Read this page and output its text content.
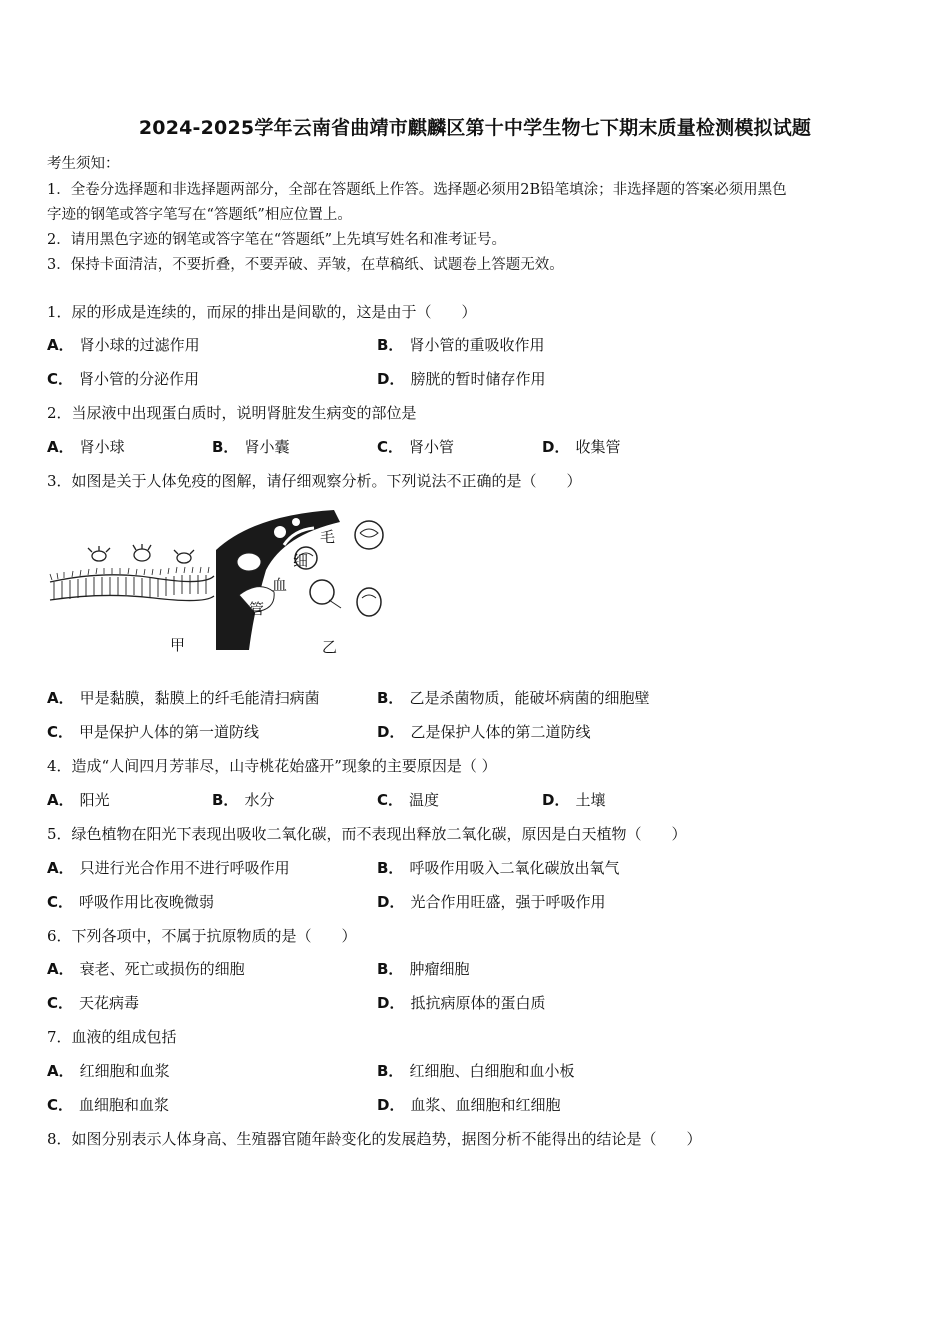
2024-2025学年云南省曲靖市麒麟区第十中学生物七下期末质量检测模拟试题
考生须知：
1．全卷分选择题和非选择题两部分，全部在答题纸上作答。选择题必须用2B铅笔填涂；非选择题的答案必须用黑色
字迹的钢笔或答字笔写在“答题纸”相应位置上。
2．请用黑色字迹的钢笔或答字笔在“答题纸”上先填写姓名和准考证号。
3．保持卡面清洁，不要折叠，不要弄破、弄皱，在草稿纸、试题卷上答题无效。
1．尿的形成是连续的，而尿的排出是间歇的，这是由于（　　）
A． 肾小球的过滤作用	B． 肾小管的重吸收作用
C． 肾小管的分泌作用	D． 膀胱的暂时储存作用
2．当尿液中出现蛋白质时，说明肾脏发生病变的部位是
A． 肾小球	B． 肾小囊	C． 肾小管	D． 收集管
3．如图是关于人体免疫的图解，请仔细观察分析。下列说法不正确的是（　　）
毛
细
血
管
甲	乙
A． 甲是黏膜，黏膜上的纤毛能清扫病菌	B． 乙是杀菌物质，能破坏病菌的细胞壁
C． 甲是保护人体的第一道防线	D． 乙是保护人体的第二道防线
4．造成“人间四月芳菲尽，山寺桃花始盛开”现象的主要原因是（ ）
A． 阳光	B． 水分	C． 温度	D． 土壤
5．绿色植物在阳光下表现出吸收二氧化碳，而不表现出释放二氧化碳，原因是白天植物（　　）
A． 只进行光合作用不进行呼吸作用	B． 呼吸作用吸入二氧化碳放出氧气
C． 呼吸作用比夜晚微弱	D． 光合作用旺盛，强于呼吸作用
6．下列各项中，不属于抗原物质的是（　　）
A． 衰老、死亡或损伤的细胞	B． 肿瘤细胞
C． 天花病毒	D． 抵抗病原体的蛋白质
7．血液的组成包括
A． 红细胞和血浆	B． 红细胞、白细胞和血小板
C． 血细胞和血浆	D． 血浆、血细胞和红细胞
8．如图分别表示人体身高、生殖器官随年龄变化的发展趋势，据图分析不能得出的结论是（　　）
